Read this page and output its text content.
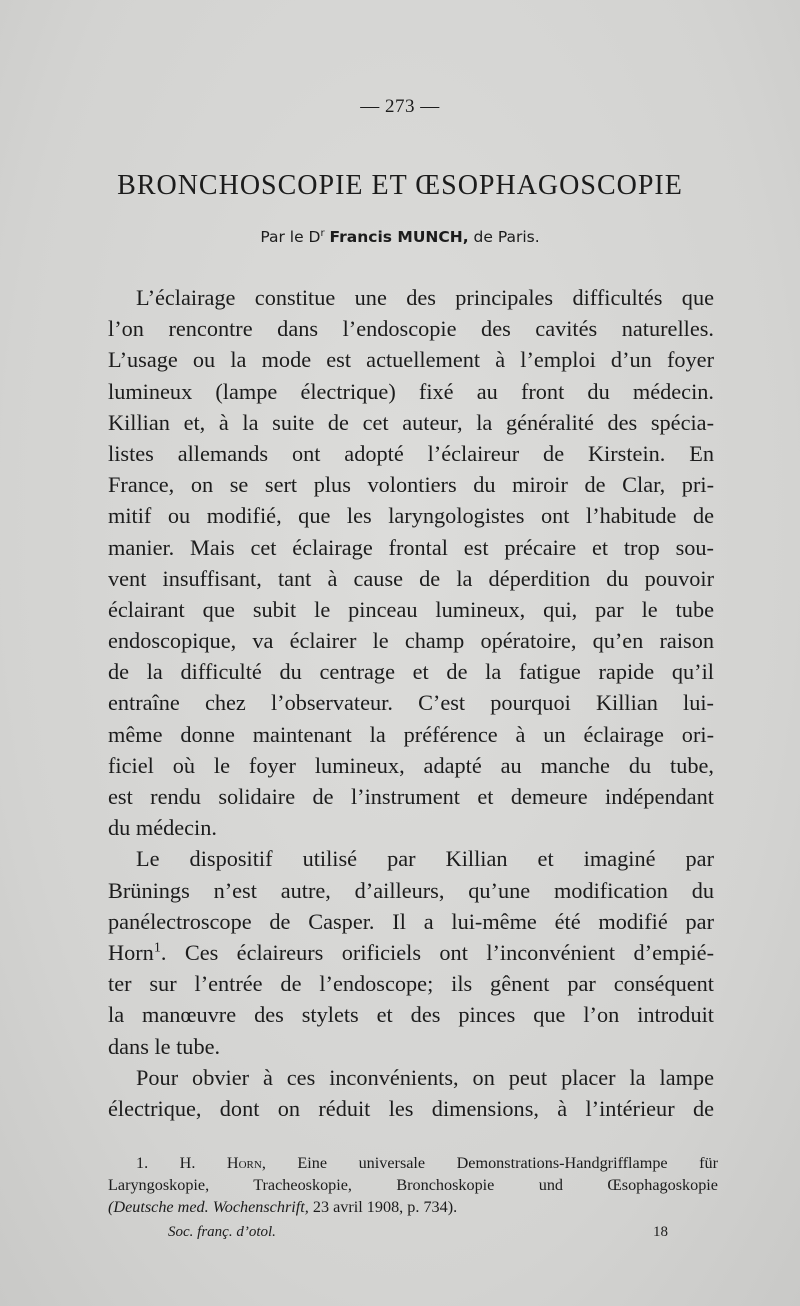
— 273 —
BRONCHOSCOPIE ET ŒSOPHAGOSCOPIE
Par le $D^r$ Francis MUNCH, de Paris.
L’éclairage constitue une des principales difficultés que
l’on rencontre dans l’endoscopie des cavités naturelles.
L’usage ou la mode est actuellement à l’emploi d’un foyer
lumineux (lampe électrique) fixé au front du médecin.
Killian et, à la suite de cet auteur, la généralité des spécia-
listes allemands ont adopté l’éclaireur de Kirstein. En
France, on se sert plus volontiers du miroir de Clar, pri-
mitif ou modifié, que les laryngologistes ont l’habitude de
manier. Mais cet éclairage frontal est précaire et trop sou-
vent insuffisant, tant à cause de la déperdition du pouvoir
éclairant que subit le pinceau lumineux, qui, par le tube
endoscopique, va éclairer le champ opératoire, qu’en raison
de la difficulté du centrage et de la fatigue rapide qu’il
entraîne chez l’observateur. C’est pourquoi Killian lui-
même donne maintenant la préférence à un éclairage ori-
ficiel où le foyer lumineux, adapté au manche du tube,
est rendu solidaire de l’instrument et demeure indépendant
du médecin.
Le dispositif utilisé par Killian et imaginé par
Brünings n’est autre, d’ailleurs, qu’une modification du
panélectroscope de Casper. Il a lui-même été modifié par
Horn$^1$. Ces éclaireurs orificiels ont l’inconvénient d’empié-
ter sur l’entrée de l’endoscope; ils gênent par conséquent
la manœuvre des stylets et des pinces que l’on introduit
dans le tube.
Pour obvier à ces inconvénients, on peut placer la lampe
électrique, dont on réduit les dimensions, à l’intérieur de
1. H. Horn, Eine universale Demonstrations-Handgrifflampe für
Laryngoskopie, Tracheoskopie, Bronchoskopie und Œsophagoskopie
(Deutsche med. Wochenschrift, 23 avril 1908, p. 734).
Soc. franç. d’otol.	18
